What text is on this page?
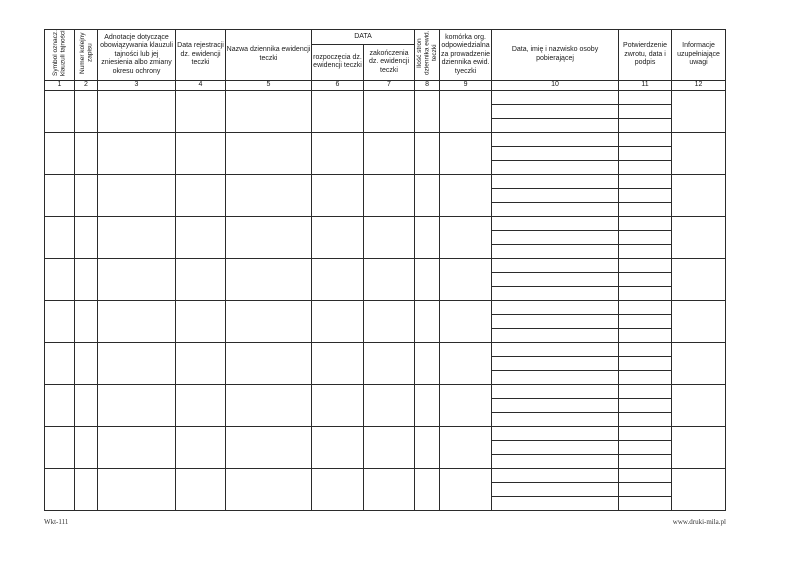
Symbol oznacz. klauzuli tajności	Numer kolejny zapisu	Adnotacje dotyczące obowiązywania klauzuli tajności lub jej zniesienia albo zmiany okresu ochrony	Data rejestracji dz. ewidencji teczki	Nazwa dziennika ewidencji teczki	DATA		Ilość stron dziennika ewid. teczki	komórka org. odpowiedzialna za prowadzenie dziennika ewid. tyeczki	Data, imię i nazwisko osoby pobierającej	Potwierdzenie zwrotu, data i podpis	Informacje uzupełniające uwagi
					rozpoczęcia dz. ewidencji teczki	zakończenia dz. ewidencji teczki					
1	2	3	4	5	6	7	8	9	10	11	12

Wkt-111	www.druki-mila.pl
